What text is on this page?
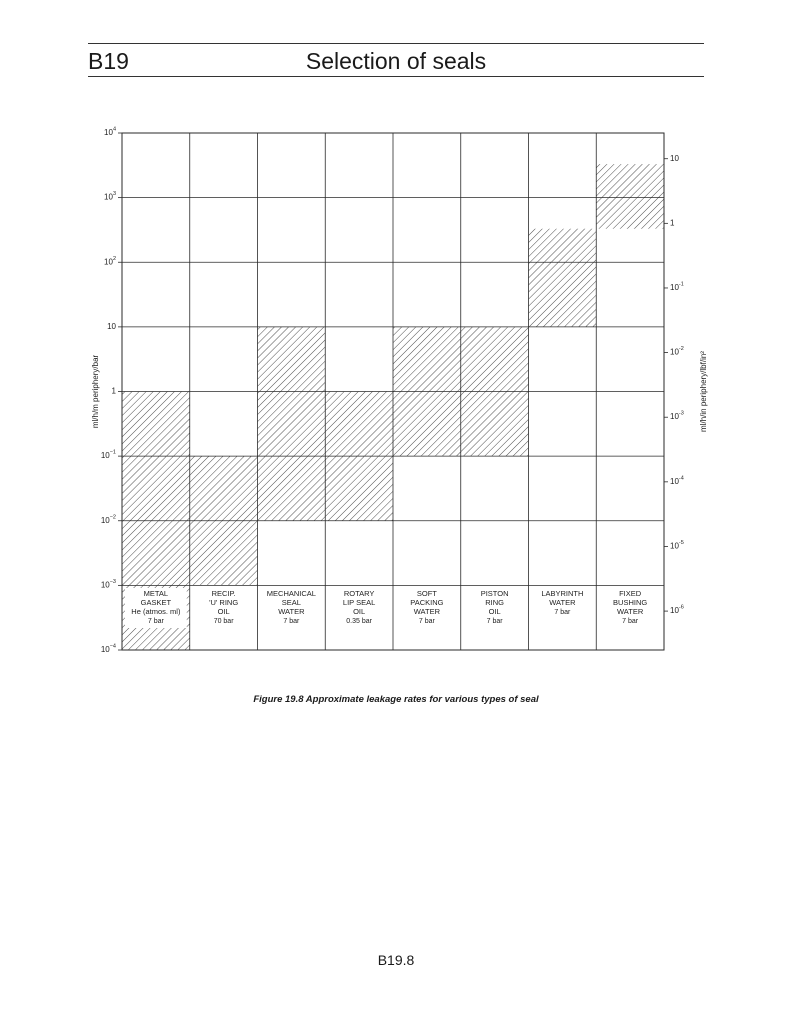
B19	Selection of seals
$10^4$
$10^3$
$10^2$
10
1
$10^{-1}$
$10^{-2}$
$10^{-3}$
$10^{-4}$
10
1
$10^{-1}$
$10^{-2}$
$10^{-3}$
$10^{-4}$
$10^{-5}$
$10^{-6}$
ml/h/m periphery/bar	ml/h/in periphery/lbf/in²
METAL
GASKET
He (atmos. ml)
7 bar
RECIP.
'U' RING
OIL
70 bar
MECHANICAL
SEAL
WATER
7 bar
ROTARY
LIP SEAL
OIL
0.35 bar
SOFT
PACKING
WATER
7 bar
PISTON
RING
OIL
7 bar
LABYRINTH
WATER
7 bar
FIXED
BUSHING
WATER
7 bar
Figure 19.8 Approximate leakage rates for various types of seal
B19.8
